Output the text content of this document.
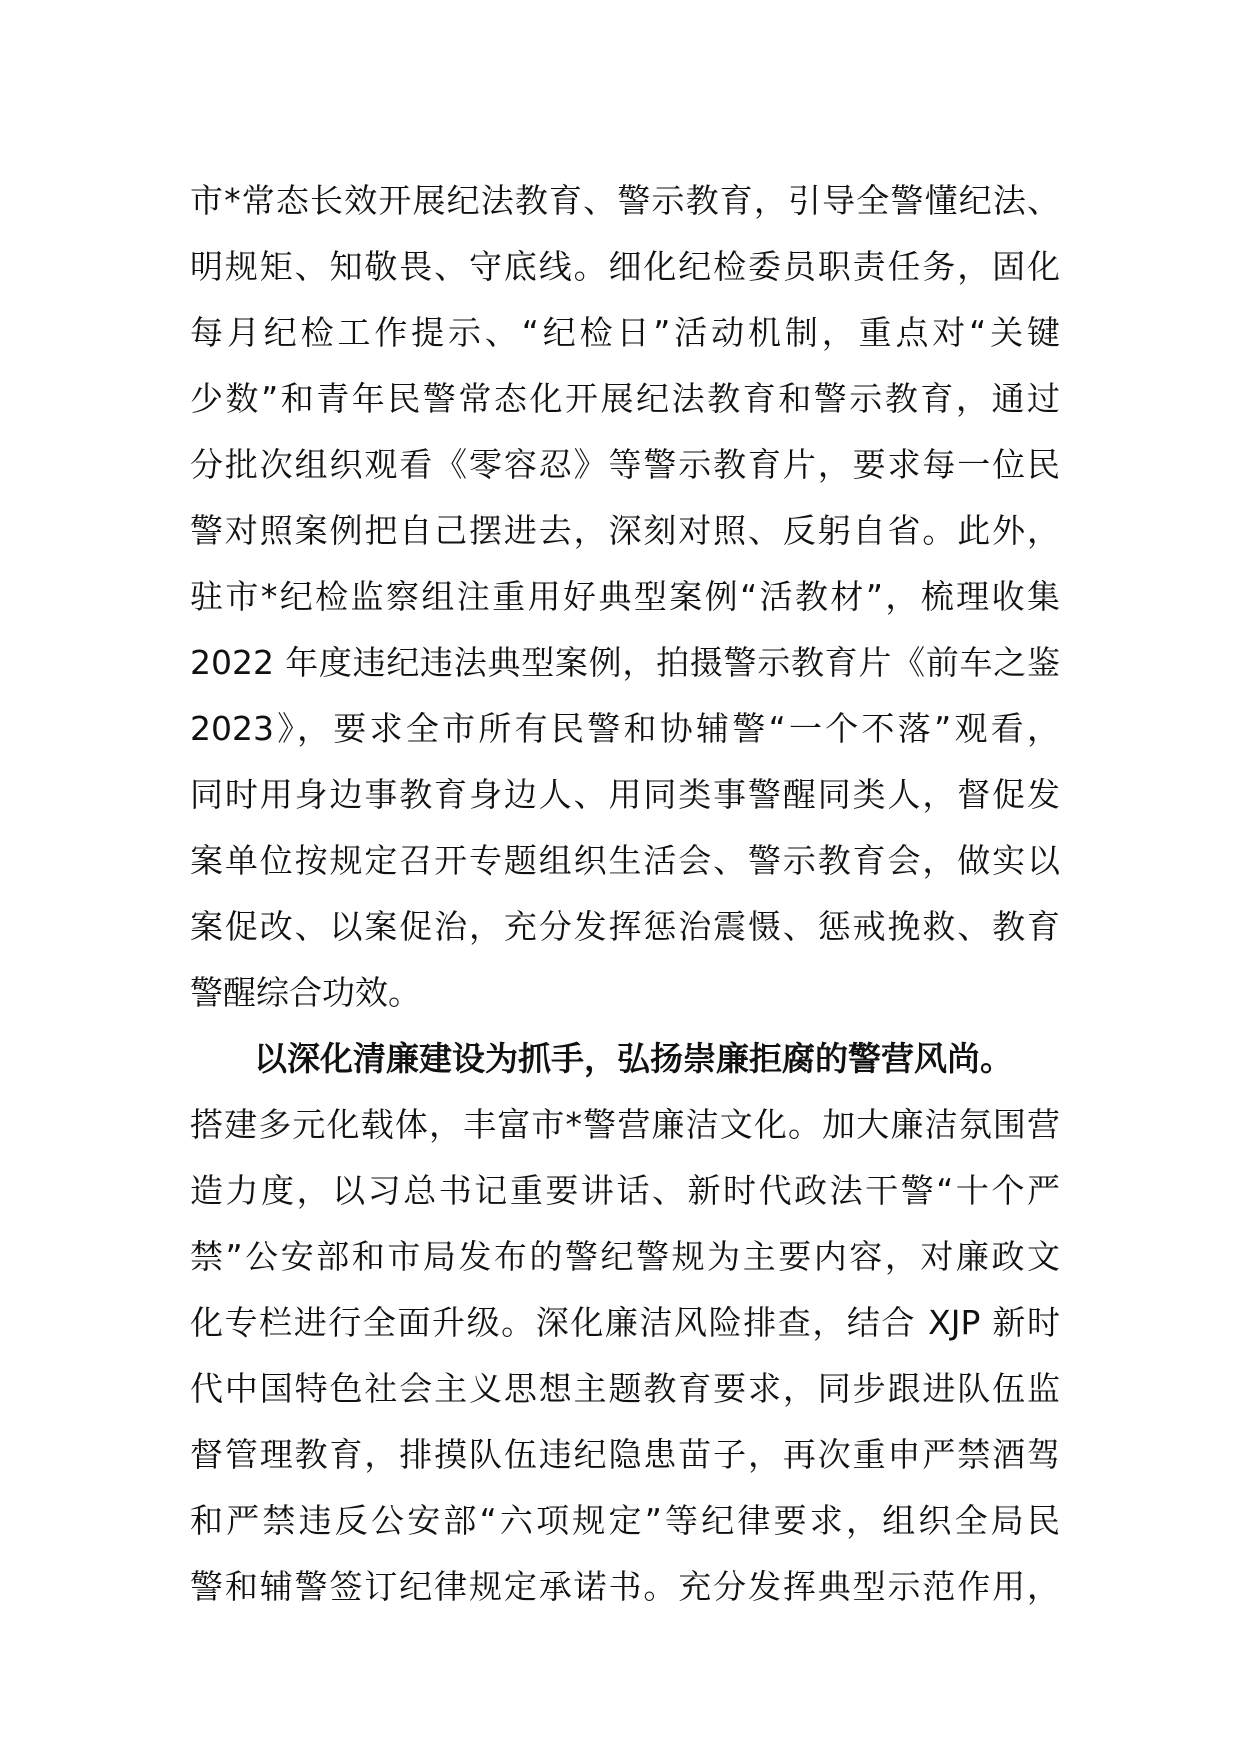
市*常态长效开展纪法教育、警示教育，引导全警懂纪法、
明规矩、知敬畏、守底线。细化纪检委员职责任务，固化
每月纪检工作提示、“纪检日”活动机制，重点对“关键
少数”和青年民警常态化开展纪法教育和警示教育，通过
分批次组织观看《零容忍》等警示教育片，要求每一位民
警对照案例把自己摆进去，深刻对照、反躬自省。此外，
驻市*纪检监察组注重用好典型案例“活教材”，梳理收集
2022 年度违纪违法典型案例，拍摄警示教育片《前车之鉴
2023》，要求全市所有民警和协辅警“一个不落”观看，
同时用身边事教育身边人、用同类事警醒同类人，督促发
案单位按规定召开专题组织生活会、警示教育会，做实以
案促改、以案促治，充分发挥惩治震慑、惩戒挽救、教育
警醒综合功效。
以深化清廉建设为抓手，弘扬崇廉拒腐的警营风尚。
搭建多元化载体，丰富市*警营廉洁文化。加大廉洁氛围营
造力度，以习总书记重要讲话、新时代政法干警“十个严
禁”公安部和市局发布的警纪警规为主要内容，对廉政文
化专栏进行全面升级。深化廉洁风险排查，结合 XJP 新时
代中国特色社会主义思想主题教育要求，同步跟进队伍监
督管理教育，排摸队伍违纪隐患苗子，再次重申严禁酒驾
和严禁违反公安部“六项规定”等纪律要求，组织全局民
警和辅警签订纪律规定承诺书。充分发挥典型示范作用，
